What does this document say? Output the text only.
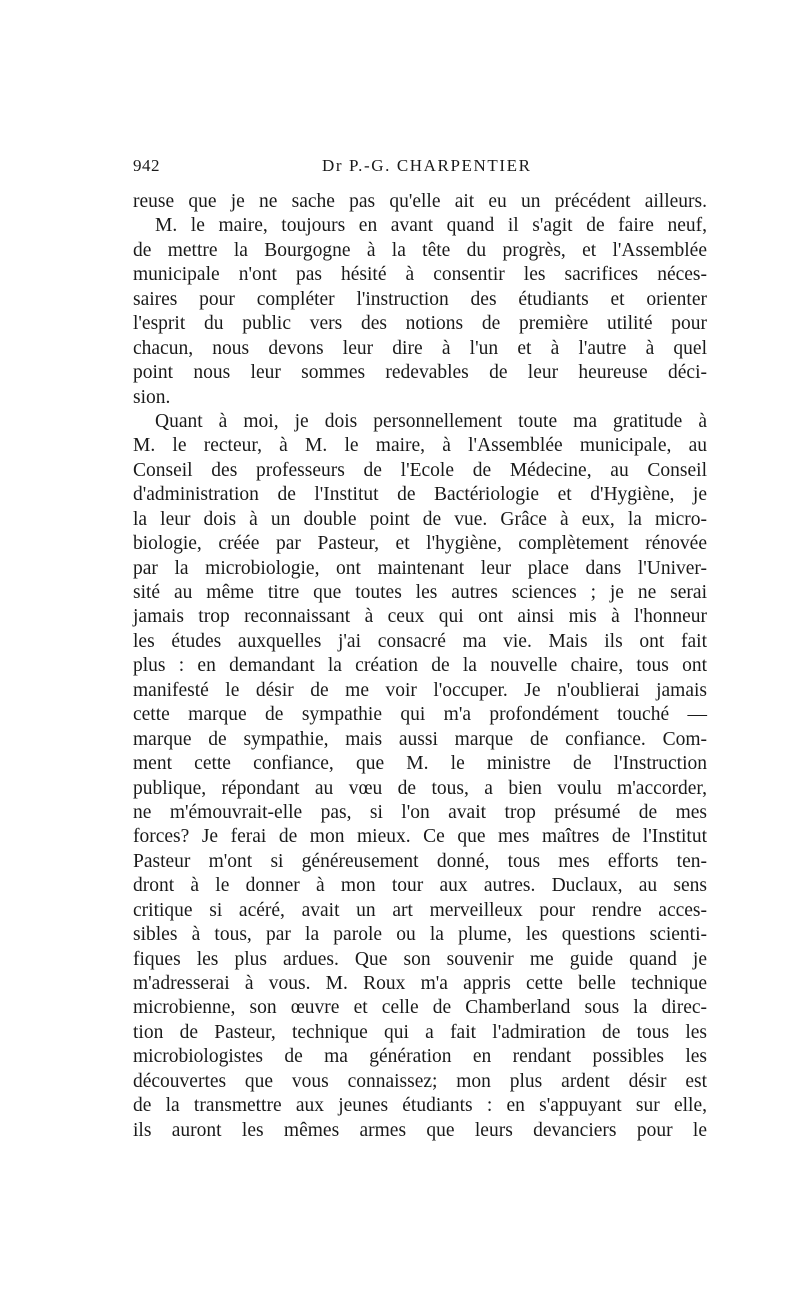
942	Dr P.-G. CHARPENTIER
reuse que je ne sache pas qu'elle ait eu un précédent ailleurs.
M. le maire, toujours en avant quand il s'agit de faire neuf,
de mettre la Bourgogne à la tête du progrès, et l'Assemblée
municipale n'ont pas hésité à consentir les sacrifices néces-
saires pour compléter l'instruction des étudiants et orienter
l'esprit du public vers des notions de première utilité pour
chacun, nous devons leur dire à l'un et à l'autre à quel
point nous leur sommes redevables de leur heureuse déci-
sion.
Quant à moi, je dois personnellement toute ma gratitude à
M. le recteur, à M. le maire, à l'Assemblée municipale, au
Conseil des professeurs de l'Ecole de Médecine, au Conseil
d'administration de l'Institut de Bactériologie et d'Hygiène, je
la leur dois à un double point de vue. Grâce à eux, la micro-
biologie, créée par Pasteur, et l'hygiène, complètement rénovée
par la microbiologie, ont maintenant leur place dans l'Univer-
sité au même titre que toutes les autres sciences ; je ne serai
jamais trop reconnaissant à ceux qui ont ainsi mis à l'honneur
les études auxquelles j'ai consacré ma vie. Mais ils ont fait
plus : en demandant la création de la nouvelle chaire, tous ont
manifesté le désir de me voir l'occuper. Je n'oublierai jamais
cette marque de sympathie qui m'a profondément touché —
marque de sympathie, mais aussi marque de confiance. Com-
ment cette confiance, que M. le ministre de l'Instruction
publique, répondant au vœu de tous, a bien voulu m'accorder,
ne m'émouvrait-elle pas, si l'on avait trop présumé de mes
forces? Je ferai de mon mieux. Ce que mes maîtres de l'Institut
Pasteur m'ont si généreusement donné, tous mes efforts ten-
dront à le donner à mon tour aux autres. Duclaux, au sens
critique si acéré, avait un art merveilleux pour rendre acces-
sibles à tous, par la parole ou la plume, les questions scienti-
fiques les plus ardues. Que son souvenir me guide quand je
m'adresserai à vous. M. Roux m'a appris cette belle technique
microbienne, son œuvre et celle de Chamberland sous la direc-
tion de Pasteur, technique qui a fait l'admiration de tous les
microbiologistes de ma génération en rendant possibles les
découvertes que vous connaissez; mon plus ardent désir est
de la transmettre aux jeunes étudiants : en s'appuyant sur elle,
ils auront les mêmes armes que leurs devanciers pour le
